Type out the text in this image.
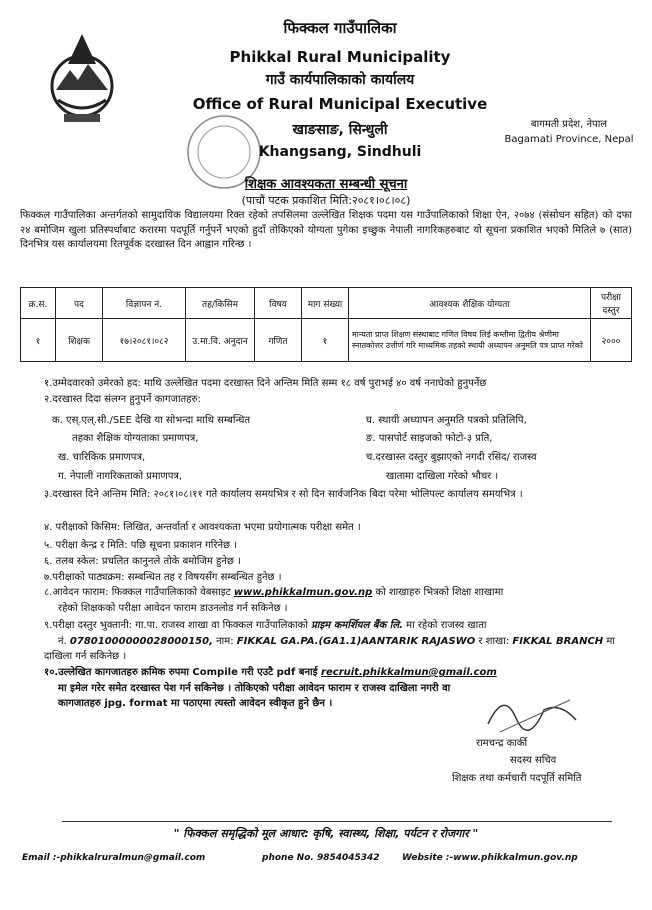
फिक्कल गाउँपालिका
Phikkal Rural Municipality
गाउँ कार्यपालिकाको कार्यालय
Office of Rural Municipal Executive
खाङसाङ, सिन्धुली
Khangsang, Sindhuli
बागमती प्रदेश, नेपाल
Bagamati Province, Nepal
शिक्षक आवश्यकता सम्बन्धी सूचना
(पाचौं पटक प्रकाशित मिति:२०८१।०८।०८)
फिक्कल गाउँपालिका अन्तर्गतको सामुदायिक विद्यालयमा रिक्त रहेको तपसिलमा उल्लेखित शिक्षक पदमा यस गाउँपालिकाको शिक्षा ऐन, २०७४ (संसोधन सहित) को दफा २४ बमोजिम खुला प्रतिस्पर्धाबाट करारमा पदपूर्ति गर्नुपर्ने भएको हुदाँ तोकिएको योग्यता पुगेका इच्छुक नेपाली नागरिकहरुबाट यो सूचना प्रकाशित भएको मितिले ७ (सात) दिनभित्र यस कार्यालयमा रितपूर्वक दरखास्त दिन आह्वान गरिन्छ ।
क्र.स.	पद	विज्ञापन नं.	तह/किसिम	विषय	माग संख्या	आवश्यक शैक्षिक योग्यता	परीक्षा दस्तुर
१	शिक्षक	१७।२०८१।०८२	उ.मा.वि. अनुदान	गणित	१	मान्यता प्राप्त शिक्षण संस्थाबाट गणित विषय लिई कम्तीमा द्वितीय श्रेणीमा स्नातकोत्तर उत्तीर्ण गरि माध्यमिक तहको स्थायी अध्यापन अनुमति पत्र प्राप्त गरेको	२०००
१.उम्मेदवारको उमेरको हद: माथि उल्लेखित पदमा दरखास्त दिने अन्तिम मिति सम्म १८ वर्ष पुराभई ४० वर्ष ननाघेको हुनुपर्नेछ
२.दरखास्त दिदा संलग्न हुनुपर्ने कागजातहरु:
क. एस्.एल्.सी./SEE देखि या सोभन्दा माथि सम्बन्धित
तहका शैक्षिक योग्यताका प्रमाणपत्र,
ख. चारिकिक प्रमाणपत्र,
ग. नेपाली नागरिकताको प्रमाणपत्र,
घ. स्थायी अध्यापन अनुमति पत्रको प्रतिलिपि,
ङ. पासपोर्ट साइजको फोटो-३ प्रति,
च.दरखास्त दस्तुर बुझाएको नगदी रसिद/ राजस्व
खातामा दाखिला गरेको भौचर ।
३.दरखास्त दिने अन्तिम मिति: २०८१।०८।११ गते कार्यालय समयभित्र र सो दिन सार्वजनिक बिदा परेमा भोलिपल्ट कार्यालय समयभित्र ।
४. परीक्षाको किसिम: लिखित, अन्तर्वार्ता र आवश्यकता भएमा प्रयोगात्मक परीक्षा समेत ।
५. परीक्षा केन्द्र र मिति: पछि सूचना प्रकाशन गरिनेछ ।
६. तलब स्केल: प्रचलित कानुनले तोके बमोजिम हुनेछ ।
७.परीक्षाको पाठ्यक्रम: सम्बन्धित तह र विषयसँग सम्बन्धित हुनेछ ।
८.आवेदन फाराम: फिक्कल गाउँपालिकाको वेबसाइट www.phikkalmun.gov.np को शाखाहरु भित्रको शिक्षा शाखामा
रहेको शिक्षकको परीक्षा आवेदन फाराम डाउनलोड गर्न सकिनेछ ।
९.परीक्षा दस्तुर भुक्तानी: गा.पा. राजस्व शाखा वा फिक्कल गाउँपालिकाको प्राइम कमर्शियल बैंक लि. मा रहेको राजस्व खाता
नं. 07801000000028000150, नाम: FIKKAL GA.PA.(GA1.1)AANTARIK RAJASWO र शाखा: FIKKAL BRANCH मा दाखिला गर्न सकिनेछ ।
१०.उल्लेखित कागजातहरु क्रमिक रुपमा Compile गरी एउटै pdf बनाई recruit.phikkalmun@gmail.com
मा इमेल गरेर समेत दरखास्त पेश गर्न सकिनेछ । तोकिएको परीक्षा आवेदन फाराम र राजस्व दाखिला नगरी वा
कागजातहरु jpg. format मा पठाएमा त्यस्तो आवेदन स्वीकृत हुने छैन ।
रामचन्द्र कार्की
सदस्य सचिव
शिक्षक तथा कर्मचारी पदपूर्ति समिति
" फिक्कल समृद्धिको मूल आधार: कृषि, स्वास्थ्य, शिक्षा, पर्यटन र रोजगार "
Email :-phikkalruralmun@gmail.com	phone No. 9854045342 Website :-www.phikkalmun.gov.np
